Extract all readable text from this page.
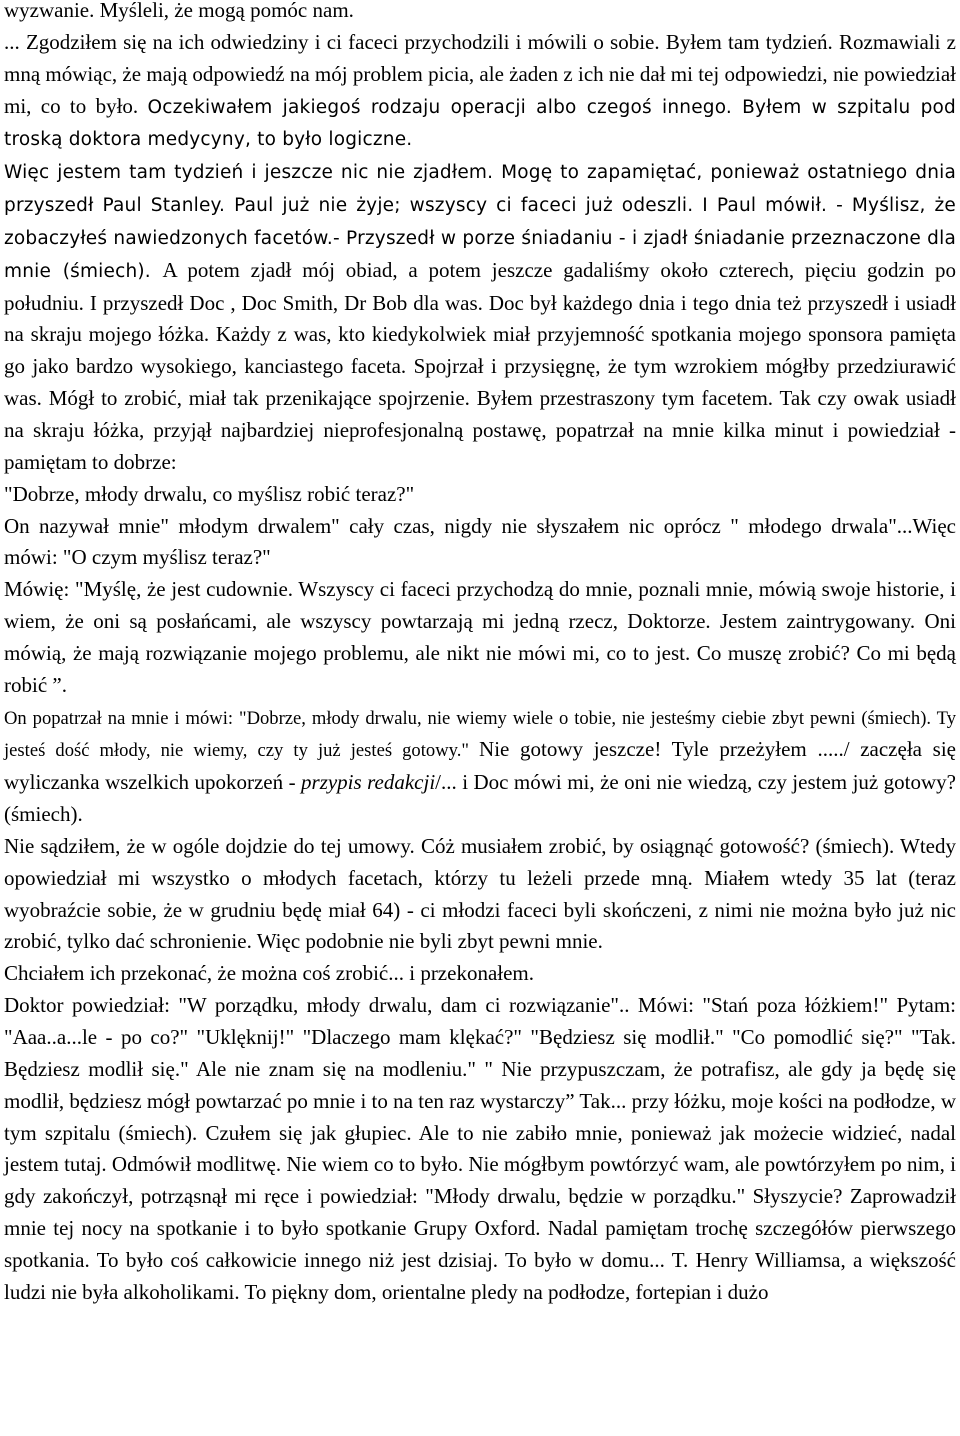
wyzwanie. Myśleli, że mogą pomóc nam.

... Zgodziłem się na ich odwiedziny i ci faceci przychodzili i mówili o sobie. Byłem tam tydzień. Rozmawiali z mną mówiąc, że mają odpowiedź na mój problem picia, ale żaden z ich nie dał mi tej odpowiedzi, nie powiedział mi, co to było. Oczekiwałem jakiegoś rodzaju operacji albo czegoś innego. Byłem w szpitalu pod troską doktora medycyny, to było logiczne.

Więc jestem tam tydzień i jeszcze nic nie zjadłem. Mogę to zapamiętać, ponieważ ostatniego dnia przyszedł Paul Stanley. Paul już nie żyje; wszyscy ci faceci już odeszli. I Paul mówił. - Myślisz, że zobaczyłeś nawiedzonych facetów.- Przyszedł w porze śniadaniu - i zjadł śniadanie przeznaczone dla mnie (śmiech). A potem zjadł mój obiad, a potem jeszcze gadaliśmy około czterech, pięciu godzin po południu. I przyszedł Doc , Doc Smith, Dr Bob dla was. Doc był każdego dnia i tego dnia też przyszedł i usiadł na skraju mojego łóżka. Każdy z was, kto kiedykolwiek miał przyjemność spotkania mojego sponsora pamięta go jako bardzo wysokiego, kanciastego faceta. Spojrzał i przysięgnę, że tym wzrokiem mógłby przedziurawić was. Mógł to zrobić, miał tak przenikające spojrzenie. Byłem przestraszony tym facetem. Tak czy owak usiadł na skraju łóżka, przyjął najbardziej nieprofesjonalną postawę, popatrzał na mnie kilka minut i powiedział - pamiętam to dobrze:

"Dobrze, młody drwalu, co myślisz robić teraz?"

On nazywał mnie" młodym drwalem" cały czas, nigdy nie słyszałem nic oprócz " młodego drwala"...Więc mówi: "O czym myślisz teraz?"

Mówię: "Myślę, że jest cudownie. Wszyscy ci faceci przychodzą do mnie, poznali mnie, mówią swoje historie, i wiem, że oni są posłańcami, ale wszyscy powtarzają mi jedną rzecz, Doktorze. Jestem zaintrygowany. Oni mówią, że mają rozwiązanie mojego problemu, ale nikt nie mówi mi, co to jest. Co muszę zrobić? Co mi będą robić ”.

On popatrzał na mnie i mówi: "Dobrze, młody drwalu, nie wiemy wiele o tobie, nie jesteśmy ciebie zbyt pewni (śmiech). Ty jesteś dość młody, nie wiemy, czy ty już jesteś gotowy." Nie gotowy jeszcze! Tyle przeżyłem ...../ zaczęła się wyliczanka wszelkich upokorzeń - przypis redakcji/... i Doc mówi mi, że oni nie wiedzą, czy jestem już gotowy? (śmiech).

Nie sądziłem, że w ogóle dojdzie do tej umowy. Cóż musiałem zrobić, by osiągnąć gotowość? (śmiech). Wtedy opowiedział mi wszystko o młodych facetach, którzy tu leżeli przede mną. Miałem wtedy 35 lat (teraz wyobraźcie sobie, że w grudniu będę miał 64) - ci młodzi faceci byli skończeni, z nimi nie można było już nic zrobić, tylko dać schronienie. Więc podobnie nie byli zbyt pewni mnie.

Chciałem ich przekonać, że można coś zrobić... i przekonałem.

Doktor powiedział: "W porządku, młody drwalu, dam ci rozwiązanie".. Mówi: "Stań poza łóżkiem!" Pytam: "Aaa..a...le - po co?" "Uklęknij!" "Dlaczego mam klękać?" "Będziesz się modlił." "Co pomodlić się?" "Tak. Będziesz modlił się." Ale nie znam się na modleniu." " Nie przypuszczam, że potrafisz, ale gdy ja będę się modlił, będziesz mógł powtarzać po mnie i to na ten raz wystarczy” Tak... przy łóżku, moje kości na podłodze, w tym szpitalu (śmiech). Czułem się jak głupiec. Ale to nie zabiło mnie, ponieważ jak możecie widzieć, nadal jestem tutaj. Odmówił modlitwę. Nie wiem co to było. Nie mógłbym powtórzyć wam, ale powtórzyłem po nim, i gdy zakończył, potrząsnął mi ręce i powiedział: "Młody drwalu, będzie w porządku." Słyszycie? Zaprowadził mnie tej nocy na spotkanie i to było spotkanie Grupy Oxford. Nadal pamiętam trochę szczegółów pierwszego spotkania. To było coś całkowicie innego niż jest dzisiaj. To było w domu... T. Henry Williamsa, a większość ludzi nie była alkoholikami. To piękny dom, orientalne pledy na podłodze, fortepian i dużo
